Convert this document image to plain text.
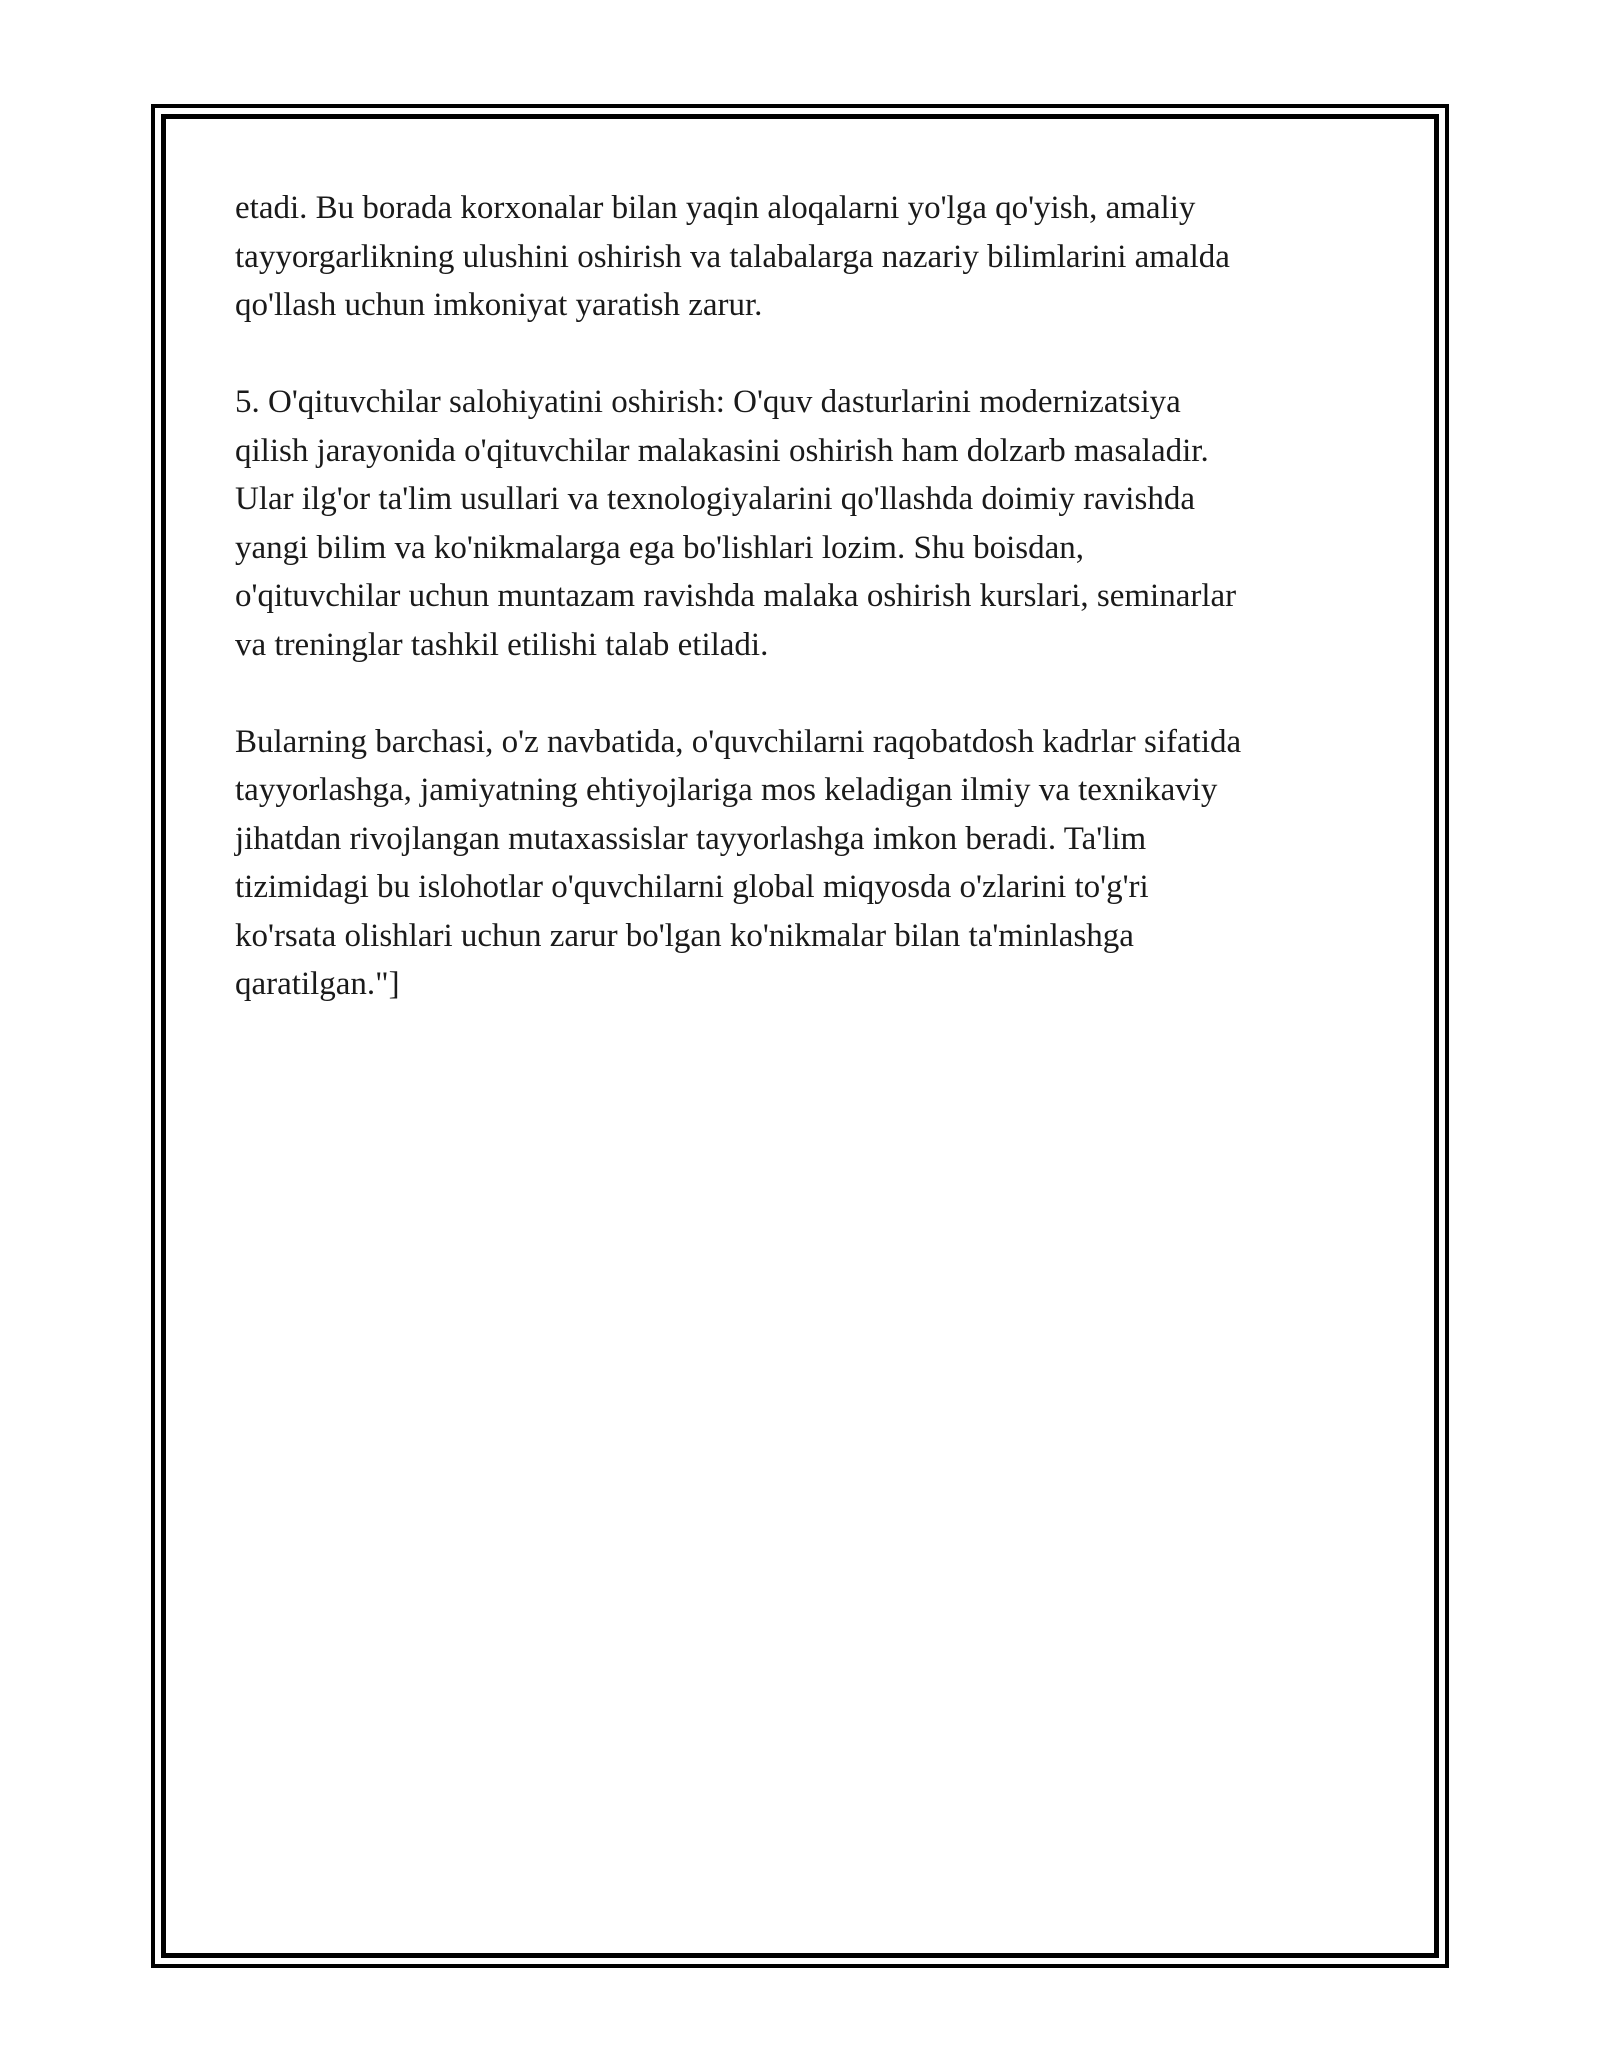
etadi. Bu borada korxonalar bilan yaqin aloqalarni yo'lga qo'yish, amaliy
tayyorgarlikning ulushini oshirish va talabalarga nazariy bilimlarini amalda
qo'llash uchun imkoniyat yaratish zarur.

5. O'qituvchilar salohiyatini oshirish: O'quv dasturlarini modernizatsiya
qilish jarayonida o'qituvchilar malakasini oshirish ham dolzarb masaladir.
Ular ilg'or ta'lim usullari va texnologiyalarini qo'llashda doimiy ravishda
yangi bilim va ko'nikmalarga ega bo'lishlari lozim. Shu boisdan,
o'qituvchilar uchun muntazam ravishda malaka oshirish kurslari, seminarlar
va treninglar tashkil etilishi talab etiladi.

Bularning barchasi, o'z navbatida, o'quvchilarni raqobatdosh kadrlar sifatida
tayyorlashga, jamiyatning ehtiyojlariga mos keladigan ilmiy va texnikaviy
jihatdan rivojlangan mutaxassislar tayyorlashga imkon beradi. Ta'lim
tizimidagi bu islohotlar o'quvchilarni global miqyosda o'zlarini to'g'ri
ko'rsata olishlari uchun zarur bo'lgan ko'nikmalar bilan ta'minlashga
qaratilgan."]
